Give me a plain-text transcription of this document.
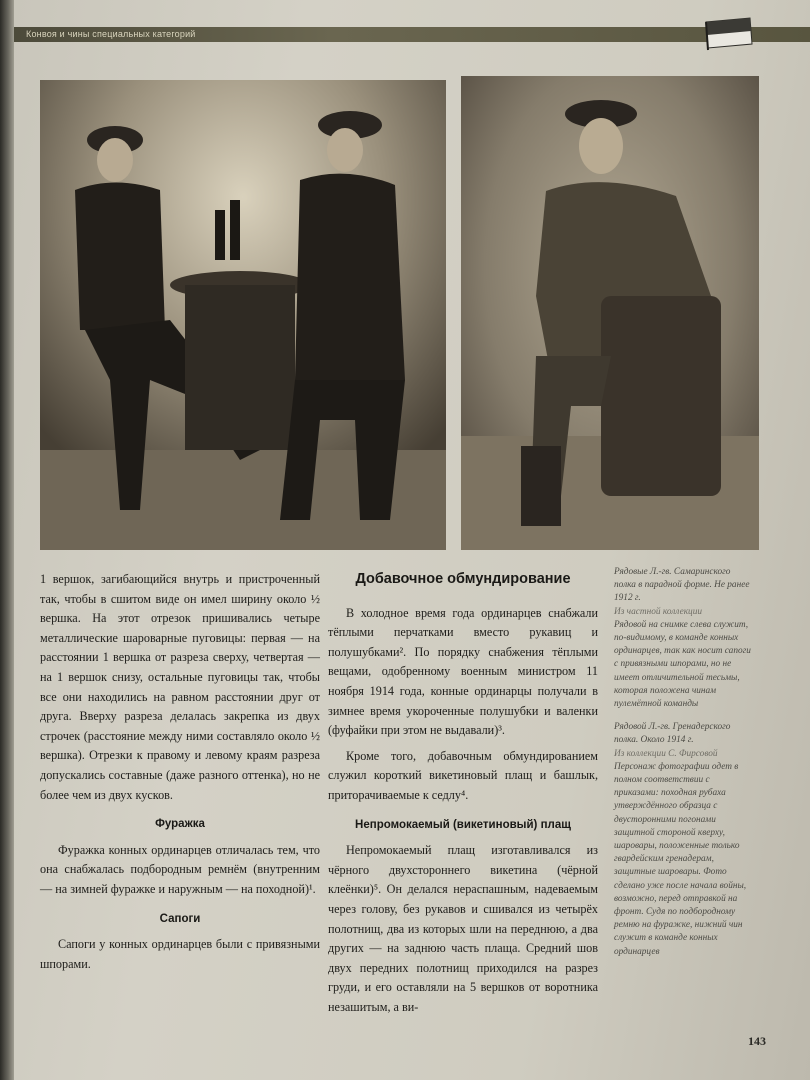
Конвоя и чины специальных категорий

1 вершок, загибающийся внутрь и пристроченный так, чтобы в сшитом виде он имел ширину около ½ вершка. На этот отрезок пришивались четыре металлические шароварные пуговицы: первая — на расстоянии 1 вершка от разреза сверху, четвертая — на 1 вершок снизу, остальные пуговицы так, чтобы все они находились на равном расстоянии друг от друга. Вверху разреза делалась закрепка из двух строчек (расстояние между ними составляло около ½ вершка). Отрезки к правому и левому краям разреза допускались составные (даже разного оттенка), но не более чем из двух кусков.

Фуражка

Фуражка конных ординарцев отличалась тем, что она снабжалась подбородным ремнём (внутренним — на зимней фуражке и наружным — на походной)¹.

Сапоги

Сапоги у конных ординарцев были с привязными шпорами.

Добавочное обмундирование

В холодное время года ординарцев снабжали тёплыми перчатками вместо рукавиц и полушубками². По порядку снабжения тёплыми вещами, одобренному военным министром 11 ноября 1914 года, конные ординарцы получали в зимнее время укороченные полушубки и валенки (фуфайки при этом не выдавали)³.

Кроме того, добавочным обмундированием служил короткий викетиновый плащ и башлык, приторачиваемые к седлу⁴.

Непромокаемый (викетиновый) плащ

Непромокаемый плащ изготавливался из чёрного двухстороннего викетина (чёрной клеёнки)⁵. Он делался нераспашным, надеваемым через голову, без рукавов и сшивался из четырёх полотнищ, два из которых шли на переднюю, а два других — на заднюю часть плаща. Средний шов двух передних полотнищ приходился на разрез груди, и его оставляли на 5 вершков от воротника незашитым, а ви-

Рядовые Л.-гв. Самаринского полка в парадной форме. Не ранее 1912 г.
Из частной коллекции
Рядовой на снимке слева служит, по-видимому, в команде конных ординарцев, так как носит сапоги с привязными шпорами, но не имеет отличительной тесьмы, которая положена чинам пулемётной команды
Рядовой Л.-гв. Гренадерского полка. Около 1914 г.
Из коллекции С. Фирсовой
Персонаж фотографии одет в полном соответствии с приказами: походная рубаха утверждённого образца с двусторонними погонами защитной стороной кверху, шаровары, положенные только гвардейским гренадерам, защитные шаровары. Фото сделано уже после начала войны, возможно, перед отправкой на фронт. Судя по подбородному ремню на фуражке, нижний чин служит в команде конных ординарцев
143
